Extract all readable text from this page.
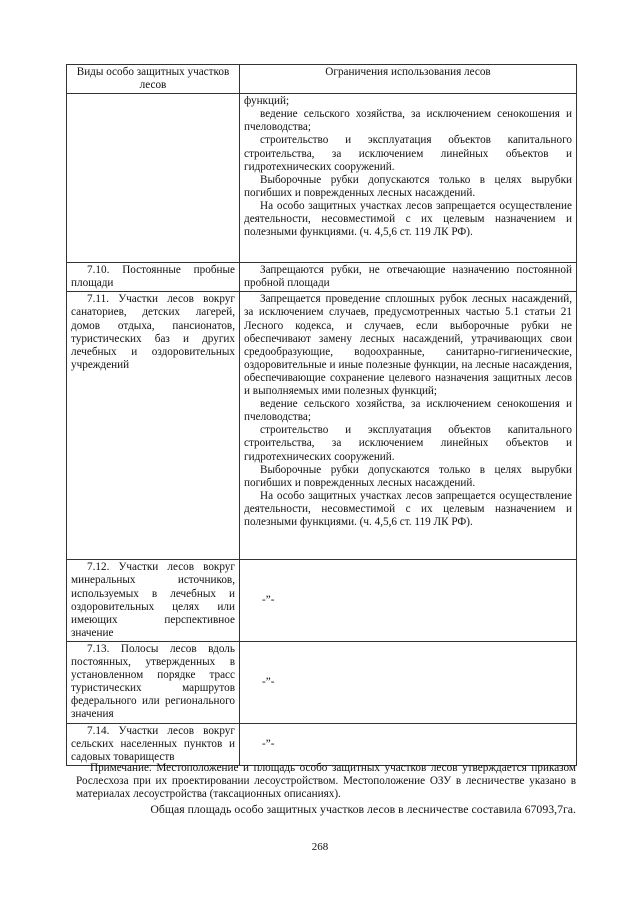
Виды особо защитных участков лесов	Ограничения использования лесов

	функций;

ведение сельского хозяйства, за исключением сенокошения и пчеловодства;

строительство и эксплуатация объектов капитального строительства, за исключением линейных объектов и гидротехнических сооружений.

Выборочные рубки допускаются только в целях вырубки погибших и поврежденных лесных насаждений.

На особо защитных участках лесов запрещается осуществление деятельности, несовместимой с их целевым назначением и полезными функциями. (ч. 4,5,6 ст. 119 ЛК РФ).

7.10. Постоянные пробные площади	Запрещаются рубки, не отвечающие назначению постоянной пробной площади

7.11. Участки лесов вокруг санаториев, детских лагерей, домов отдыха, пансионатов, туристических баз и других лечебных и оздоровительных учреждений	Запрещается проведение сплошных рубок лесных насаждений, за исключением случаев, предусмотренных частью 5.1 статьи 21 Лесного кодекса, и случаев, если выборочные рубки не обеспечивают замену лесных насаждений, утрачивающих свои средообразующие, водоохранные, санитарно-гигиенические, оздоровительные и иные полезные функции, на лесные насаждения, обеспечивающие сохранение целевого назначения защитных лесов и выполняемых ими полезных функций;

ведение сельского хозяйства, за исключением сенокошения и пчеловодства;

строительство и эксплуатация объектов капитального строительства, за исключением линейных объектов и гидротехнических сооружений.

Выборочные рубки допускаются только в целях вырубки погибших и поврежденных лесных насаждений.

На особо защитных участках лесов запрещается осуществление деятельности, несовместимой с их целевым назначением и полезными функциями. (ч. 4,5,6 ст. 119 ЛК РФ).

7.12. Участки лесов вокруг минеральных источников, используемых в лечебных и оздоровительных целях или имеющих перспективное значение	-”-
7.13. Полосы лесов вдоль постоянных, утвержденных в установленном порядке трасс туристических маршрутов федерального или регионального значения	-”-
7.14. Участки лесов вокруг сельских населенных пунктов и садовых товариществ	-”-

Примечание. Местоположение и площадь особо защитных участков лесов утверждается приказом Рослесхоза при их проектировании лесоустройством. Местоположение ОЗУ в лесничестве указано в материалах лесоустройства (таксационных описаниях).

Общая площадь особо защитных участков лесов в лесничестве составила 67093,7га.
268
